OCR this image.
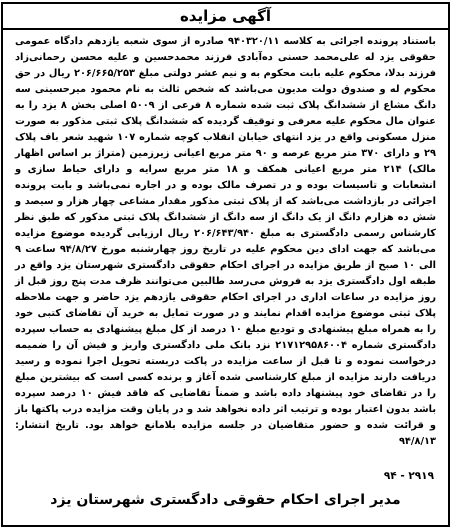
آگهی مزایده

باستناد پرونده اجرائی به کلاسه ۹۴۰۳۲۰/۱۱ صادره از سوی شعبه یازدهم دادگاه عمومی حقوقی یزد له علی‌محمد حسنی ده‌آبادی فرزند محمدحسین و علیه محسن رحمانی‌زاد فرزند بدلا، محکوم علیه بابت محکوم به و نیم عشر دولتی مبلغ ۲۰۶/۶۶۵/۲۵۳ ریال در حق محکوم له و صندوق دولت مدیون می‌باشد که شخص ثالث به نام محمود میرحسینی سه دانگ مشاع از ششدانگ پلاک ثبت شده شماره ۸ فرعی از ۵۰۰۹ اصلی بخش ۸ یزد را به عنوان مال محکوم علیه معرفی و توقیف گردیده که ششدانگ پلاک ثبتی مذکور به صورت منزل مسکونی واقع در یزد انتهای خیابان انقلاب کوچه شماره ۱۰۷ شهید شعر باف پلاک ۲۹ و دارای ۳۷۰ متر مربع عرصه و ۹۰ متر مربع اعیانی زیرزمین (متراژ بر اساس اظهار مالک) ۲۱۴ متر مربع اعیانی همکف و ۱۸ متر مربع سرایه و دارای حیاط سازی و انشعابات و تاسیسات بوده و در تصرف مالک بوده و در اجاره نمی‌باشد و بابت پرونده اجرائی در بازداشت می‌باشد که از پلاک ثبتی مذکور مقدار مشاعی چهار هزار و سیصد و شش ده هزارم دانگ از یک دانگ از سه دانگ از ششدانگ پلاک ثبتی مذکور که طبق نظر کارشناس رسمی دادگستری به مبلغ ۲۰۶/۶۴۳/۹۴۰ ریال ارزیابی گردیده موضوع مزایده می‌باشد که جهت ادای دین محکوم علیه در تاریخ روز چهارشنبه مورخ ۹۴/۸/۲۷ ساعت ۹ الی ۱۰ صبح از طریق مزایده در اجرای احکام حقوقی دادگستری شهرستان یزد واقع در طبقه اول دادگستری یزد به فروش می‌رسد طالبین می‌توانند ظرف مدت پنج روز قبل از روز مزایده در ساعات اداری در اجرای احکام حقوقی یازدهم یزد حاضر و جهت ملاحظه پلاک ثبتی موضوع مزایده اقدام نمایند و در صورت تمایل به خرید آن تقاضای کتبی خود را به همراه مبلغ پیشنهادی و تودیع مبلغ ۱۰ درصد از کل مبلغ پیشنهادی به حساب سپرده دادگستری شماره ۲۱۷۱۲۹۵۸۶۰۰۴ نزد بانک ملی دادگستری واریز و فیش آن را ضمیمه درخواست نموده و تا قبل از ساعت مزایده در پاکت دربسته تحویل اجرا نموده و رسید دریافت دارند مزایده از مبلغ کارشناسی شده آغاز و برنده کسی است که بیشترین مبلغ را در تقاضای خود پیشنهاد داده باشد و ضمناً تقاضایی که فاقد فیش ۱۰ درصد سپرده باشد بدون اعتبار بوده و ترتیب اثر داده نخواهد شد و در پایان وقت مزایده درب پاکتها باز و قرائت شده و حضور متقاضیان در جلسه مزایده بلامانع خواهد بود. تاریخ انتشار: ۹۴/۸/۱۳

۲۹۱۹ - ۹۴

مدیر اجرای احکام حقوقی دادگستری شهرستان یزد
